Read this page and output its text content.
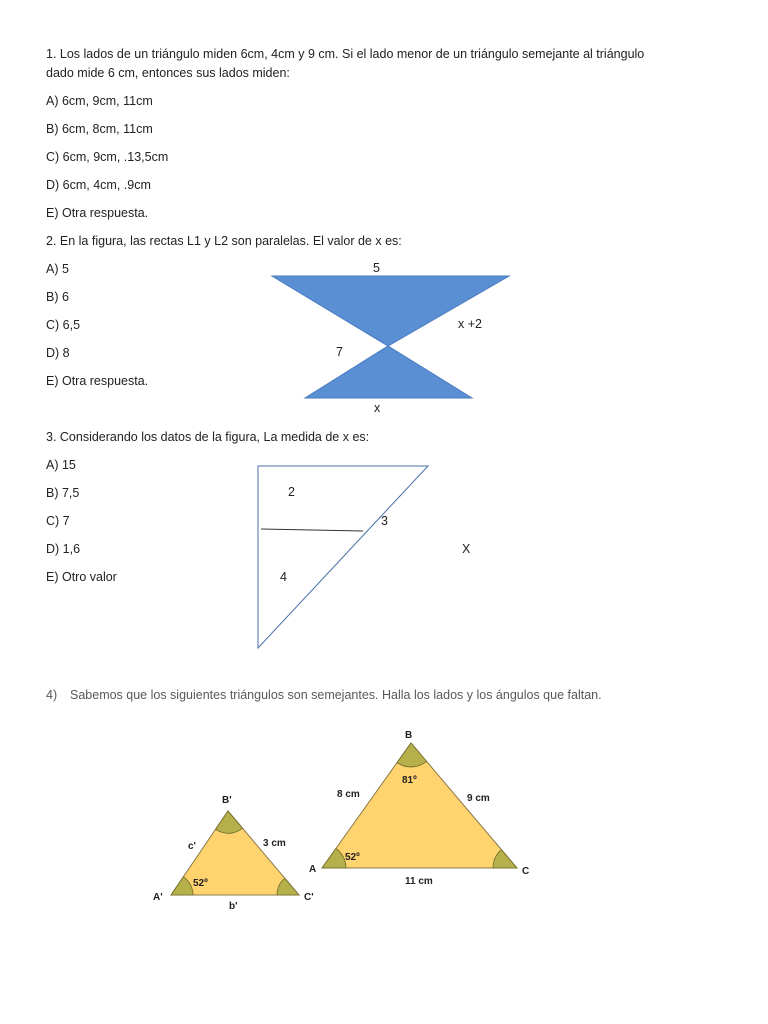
1. Los lados de un triángulo miden 6cm, 4cm y 9 cm. Si el lado menor de un triángulo semejante al triángulo
dado mide 6 cm, entonces sus lados miden:
A) 6cm, 9cm, 11cm
B) 6cm, 8cm, 11cm
C) 6cm, 9cm, .13,5cm
D) 6cm, 4cm, .9cm
E) Otra respuesta.
2. En la figura, las rectas L1 y L2 son paralelas. El valor de x es:
A) 5
B) 6
C) 6,5
D) 8
E) Otra respuesta.
3. Considerando los datos de la figura, La medida de x es:
A) 15
B) 7,5
C) 7
D) 1,6
E) Otro valor
4) Sabemos que los siguientes triángulos son semejantes. Halla los lados y los ángulos que faltan.
5
x +2
7
x
2
3
4
X
B'
A'	C'
c'	3 cm
b'
52º
B
A	C
8 cm	9 cm
11 cm
81º
52º
